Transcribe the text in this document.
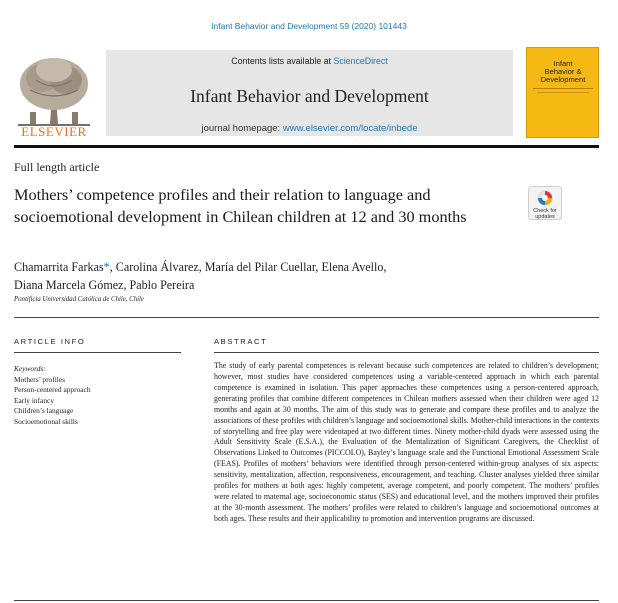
Infant Behavior and Development 59 (2020) 101443
ELSEVIER
Contents lists available at ScienceDirect
Infant Behavior and Development
journal homepage: www.elsevier.com/locate/inbede
Infant
Behavior &
Development
Full length article
Mothers’ competence profiles and their relation to language and socioemotional development in Chilean children at 12 and 30 months	Check for updates
Chamarrita Farkas*, Carolina Álvarez, María del Pilar Cuellar, Elena Avello,
Diana Marcela Gómez, Pablo Pereira
Pontificia Universidad Católica de Chile, Chile
ARTICLE INFO	ABSTRACT
Keywords:
Mothers’ profiles
Person-centered approach
Early infancy
Children’s language
Socioemotional skills
The study of early parental competences is relevant because such competences are related to children’s development; however, most studies have considered competences using a variable-centered approach in which each parental competence is examined in isolation. This paper approaches these competences using a person-centered approach, generating profiles that combine different competences in Chilean mothers assessed when their children were aged 12 months and again at 30 months. The aim of this study was to generate and compare these profiles and to analyze the associations of these profiles with children’s language and socioemotional skills. Mother-child interactions in the contexts of storytelling and free play were videotaped at two different times. Ninety mother-child dyads were assessed using the Adult Sensitivity Scale (E.S.A.), the Evaluation of the Mentalization of Significant Caregivers, the Checklist of Observations Linked to Outcomes (PICCOLO), Bayley’s language scale and the Functional Emotional Assessment Scale (FEAS). Profiles of mothers’ behaviors were identified through person-centered within-group analyses of six aspects: sensitivity, mentalization, affection, responsiveness, encouragement, and teaching. Cluster analyses yielded three similar profiles for mothers at both ages: highly competent, average competent, and poorly competent. The mothers’ profiles were related to maternal age, socioeconomic status (SES) and educational level, and the mothers improved their profiles at the 30-month assessment. The mothers’ profiles were related to children’s language and socioemotional outcomes at both ages. These results and their applicability to promotion and intervention programs are discussed.
